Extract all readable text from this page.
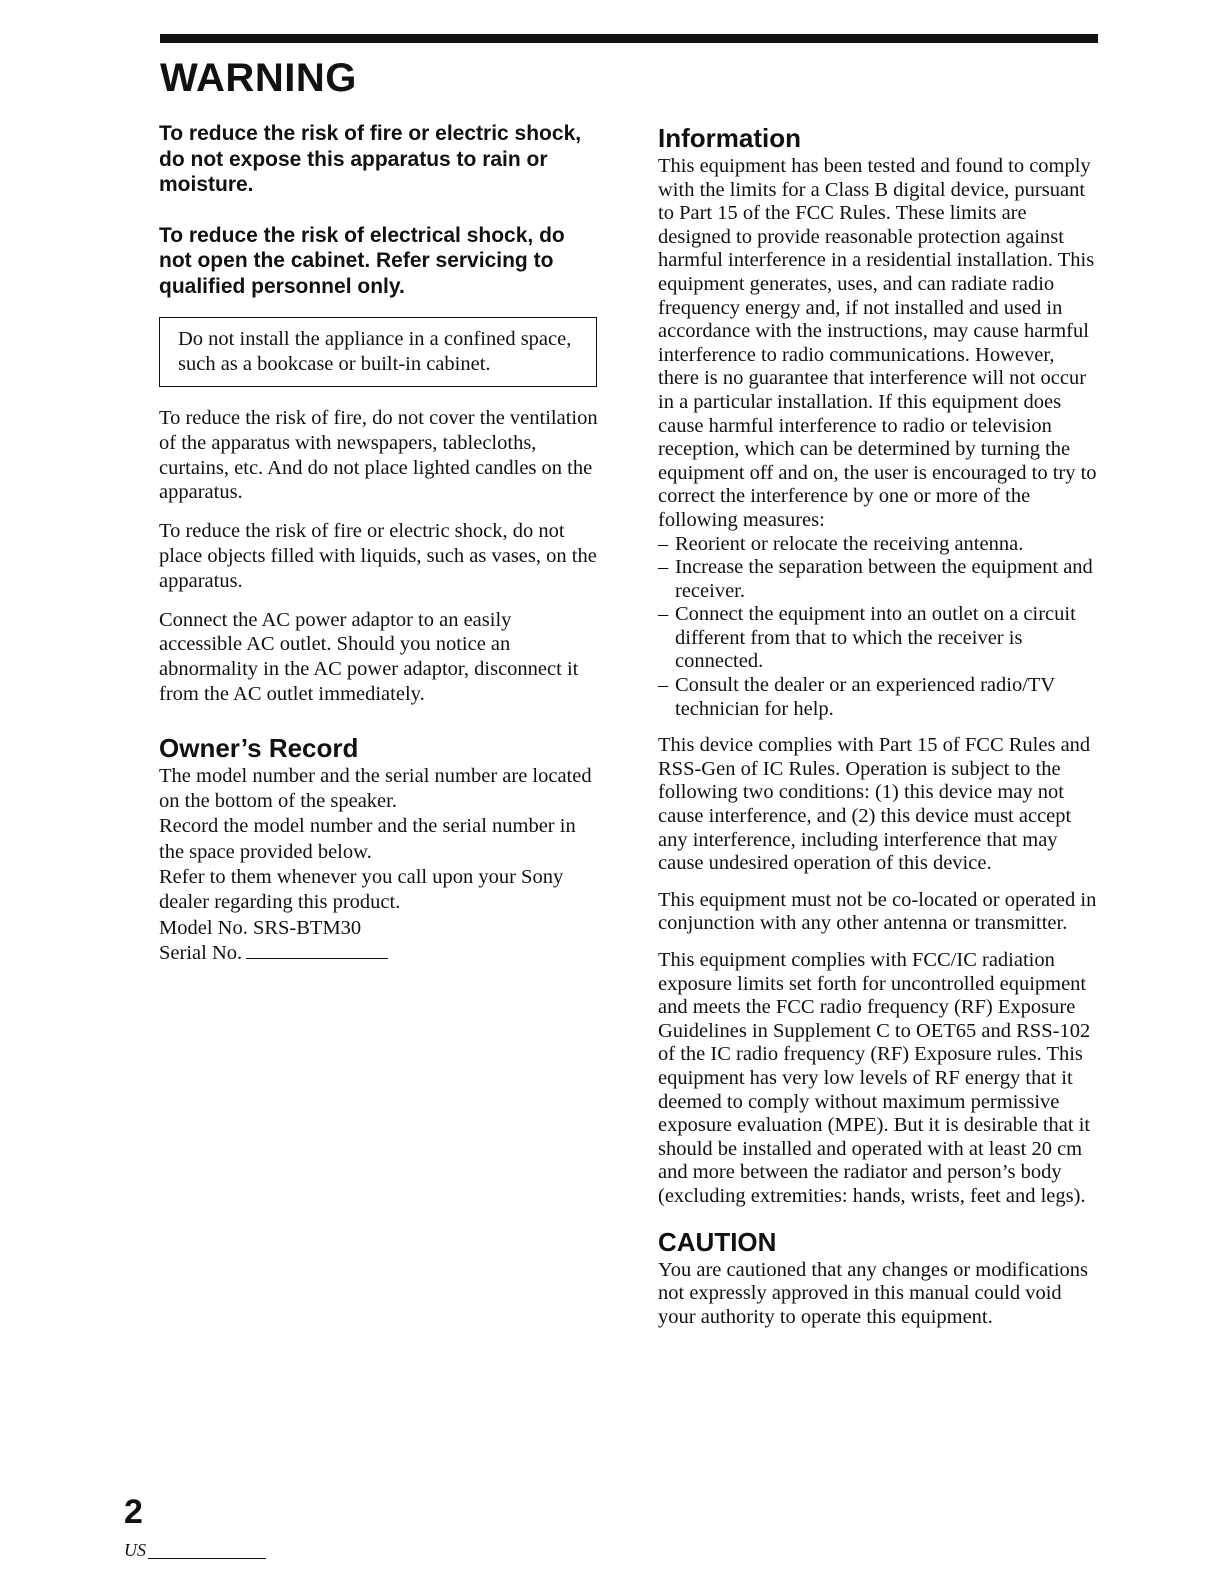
WARNING

To reduce the risk of fire or electric shock, do not expose this apparatus to rain or moisture.

To reduce the risk of electrical shock, do not open the cabinet. Refer servicing to qualified personnel only.

Do not install the appliance in a confined space, such as a bookcase or built-in cabinet.

To reduce the risk of fire, do not cover the ventilation of the apparatus with newspapers, tablecloths, curtains, etc. And do not place lighted candles on the apparatus.

To reduce the risk of fire or electric shock, do not place objects filled with liquids, such as vases, on the apparatus.

Connect the AC power adaptor to an easily accessible AC outlet. Should you notice an abnormality in the AC power adaptor, disconnect it from the AC outlet immediately.

Owner’s Record
The model number and the serial number are located on the bottom of the speaker.
Record the model number and the serial number in the space provided below.
Refer to them whenever you call upon your Sony dealer regarding this product.
Model No. SRS-BTM30
Serial No.
Information

This equipment has been tested and found to comply with the limits for a Class B digital device, pursuant to Part 15 of the FCC Rules. These limits are designed to provide reasonable protection against harmful interference in a residential installation. This equipment generates, uses, and can radiate radio frequency energy and, if not installed and used in accordance with the instructions, may cause harmful interference to radio communications. However, there is no guarantee that interference will not occur in a particular installation. If this equipment does cause harmful interference to radio or television reception, which can be determined by turning the equipment off and on, the user is encouraged to try to correct the interference by one or more of the following measures:

– Reorient or relocate the receiving antenna.
– Increase the separation between the equipment and receiver.
– Connect the equipment into an outlet on a circuit different from that to which the receiver is connected.
– Consult the dealer or an experienced radio/TV technician for help.

This device complies with Part 15 of FCC Rules and RSS-Gen of IC Rules. Operation is subject to the following two conditions: (1) this device may not cause interference, and (2) this device must accept any interference, including interference that may cause undesired operation of this device.

This equipment must not be co-located or operated in conjunction with any other antenna or transmitter.

This equipment complies with FCC/IC radiation exposure limits set forth for uncontrolled equipment and meets the FCC radio frequency (RF) Exposure Guidelines in Supplement C to OET65 and RSS-102 of the IC radio frequency (RF) Exposure rules. This equipment has very low levels of RF energy that it deemed to comply without maximum permissive exposure evaluation (MPE). But it is desirable that it should be installed and operated with at least 20 cm and more between the radiator and person’s body (excluding extremities: hands, wrists, feet and legs).

CAUTION

You are cautioned that any changes or modifications not expressly approved in this manual could void your authority to operate this equipment.

2
US
